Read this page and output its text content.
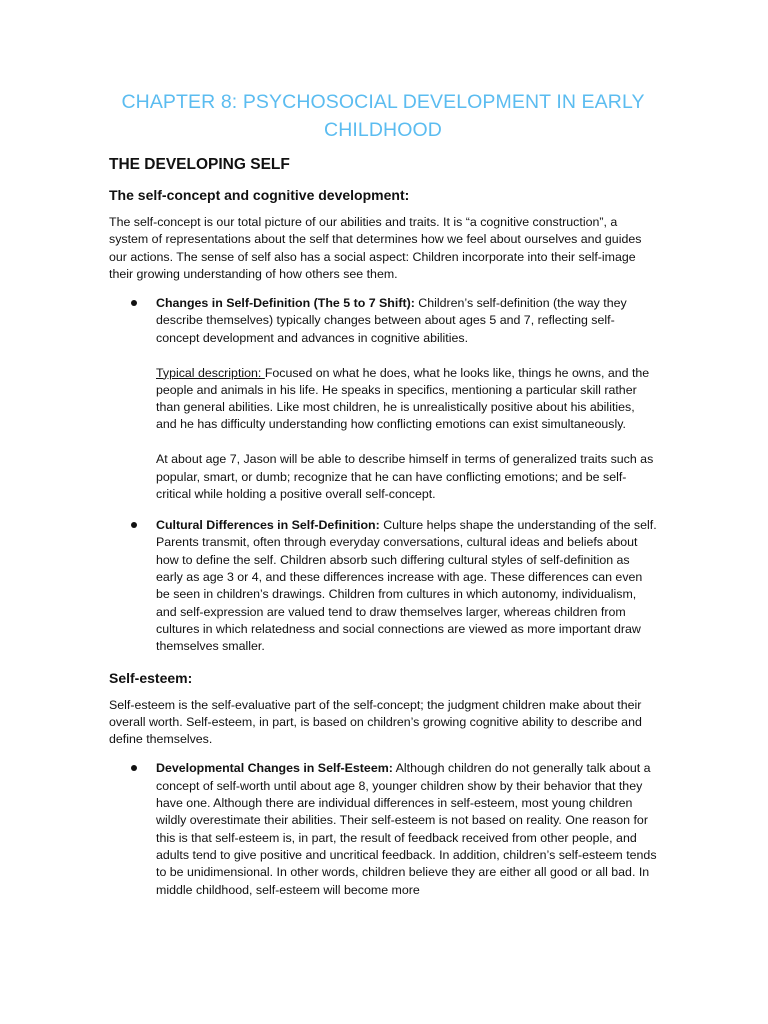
CHAPTER 8: PSYCHOSOCIAL DEVELOPMENT IN EARLY CHILDHOOD
THE DEVELOPING SELF
The self-concept and cognitive development:

The self-concept is our total picture of our abilities and traits. It is “a cognitive construction”, a system of representations about the self that determines how we feel about ourselves and guides our actions. The sense of self also has a social aspect: Children incorporate into their self-image their growing understanding of how others see them.

Changes in Self-Definition (The 5 to 7 Shift): Children’s self-definition (the way they describe themselves) typically changes between about ages 5 and 7, reflecting self-concept development and advances in cognitive abilities.

Typical description: Focused on what he does, what he looks like, things he owns, and the people and animals in his life. He speaks in specifics, mentioning a particular skill rather than general abilities. Like most children, he is unrealistically positive about his abilities, and he has difficulty understanding how conflicting emotions can exist simultaneously.

At about age 7, Jason will be able to describe himself in terms of generalized traits such as popular, smart, or dumb; recognize that he can have conflicting emotions; and be self-critical while holding a positive overall self-concept.

Cultural Differences in Self-Definition: Culture helps shape the understanding of the self. Parents transmit, often through everyday conversations, cultural ideas and beliefs about how to define the self. Children absorb such differing cultural styles of self-definition as early as age 3 or 4, and these differences increase with age. These differences can even be seen in children’s drawings. Children from cultures in which autonomy, individualism, and self-expression are valued tend to draw themselves larger, whereas children from cultures in which relatedness and social connections are viewed as more important draw themselves smaller.

Self-esteem:

Self-esteem is the self-evaluative part of the self-concept; the judgment children make about their overall worth. Self-esteem, in part, is based on children’s growing cognitive ability to describe and define themselves.

Developmental Changes in Self-Esteem: Although children do not generally talk about a concept of self-worth until about age 8, younger children show by their behavior that they have one. Although there are individual differences in self-esteem, most young children wildly overestimate their abilities. Their self-esteem is not based on reality. One reason for this is that self-esteem is, in part, the result of feedback received from other people, and adults tend to give positive and uncritical feedback. In addition, children’s self-esteem tends to be unidimensional. In other words, children believe they are either all good or all bad. In middle childhood, self-esteem will become more
